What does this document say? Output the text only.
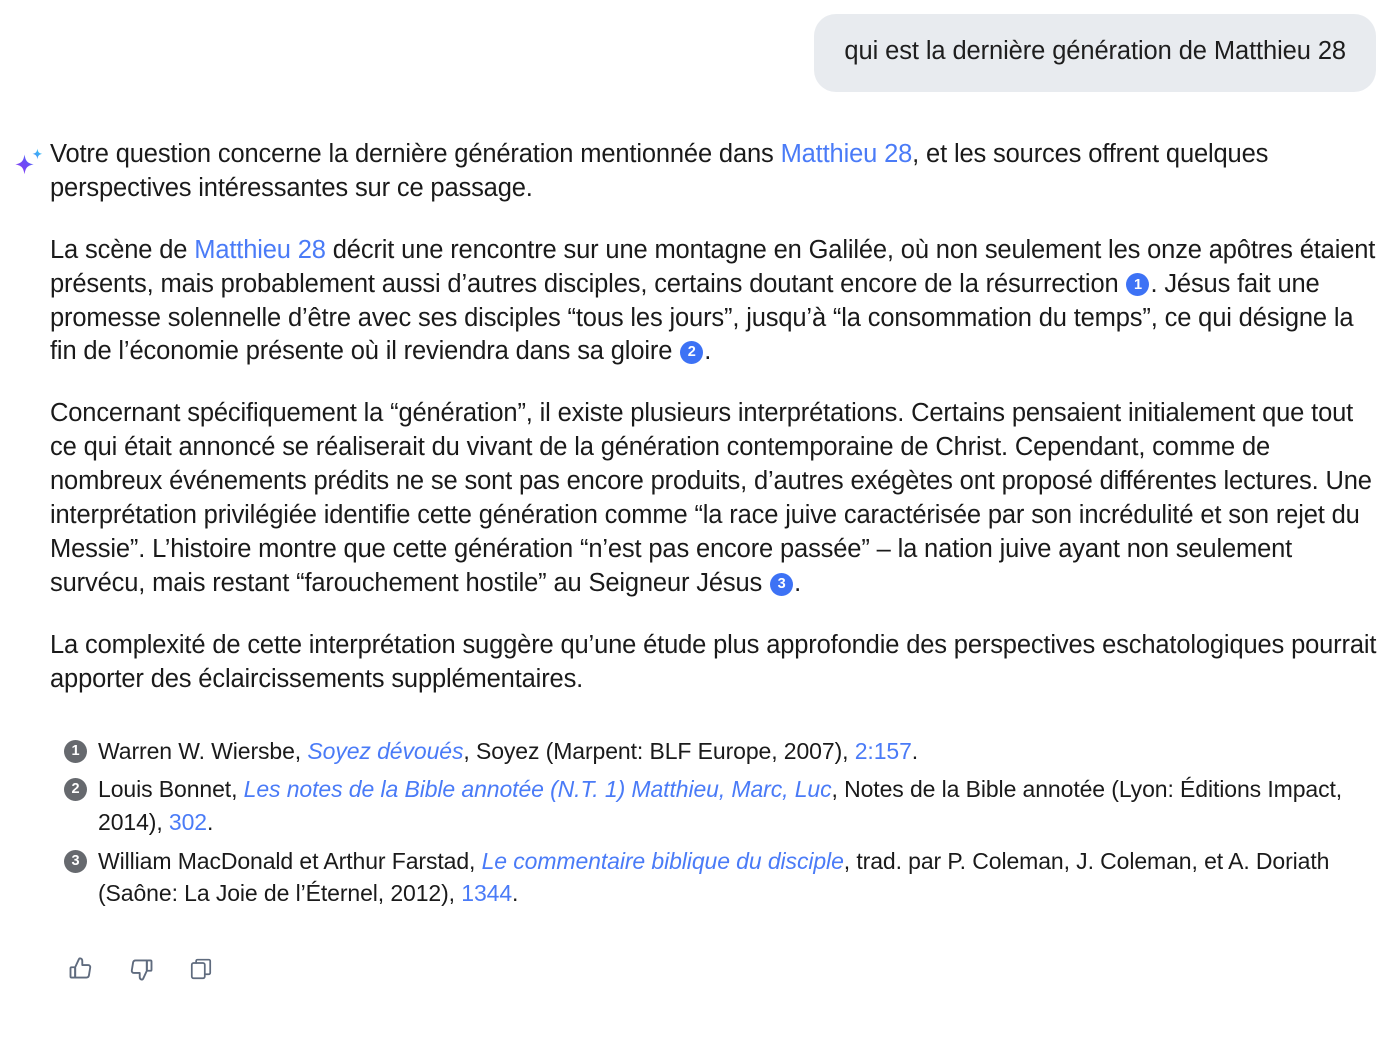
qui est la dernière génération de Matthieu 28

Votre question concerne la dernière génération mentionnée dans Matthieu 28, et les sources offrent quelques perspectives intéressantes sur ce passage.

La scène de Matthieu 28 décrit une rencontre sur une montagne en Galilée, où non seulement les onze apôtres étaient présents, mais probablement aussi d’autres disciples, certains doutant encore de la résurrection 1 . Jésus fait une promesse solennelle d’être avec ses disciples “tous les jours”, jusqu’à “la consommation du temps”, ce qui désigne la fin de l’économie présente où il reviendra dans sa gloire 2 .

Concernant spécifiquement la “génération”, il existe plusieurs interprétations. Certains pensaient initialement que tout ce qui était annoncé se réaliserait du vivant de la génération contemporaine de Christ. Cependant, comme de nombreux événements prédits ne se sont pas encore produits, d’autres exégètes ont proposé différentes lectures. Une interprétation privilégiée identifie cette génération comme “la race juive caractérisée par son incrédulité et son rejet du Messie”. L’histoire montre que cette génération “n’est pas encore passée” – la nation juive ayant non seulement survécu, mais restant “farouchement hostile” au Seigneur Jésus 3 .

La complexité de cette interprétation suggère qu’une étude plus approfondie des perspectives eschatologiques pourrait apporter des éclaircissements supplémentaires.

1 Warren W. Wiersbe, Soyez dévoués, Soyez (Marpent: BLF Europe, 2007), 2:157.
2 Louis Bonnet, Les notes de la Bible annotée (N.T. 1) Matthieu, Marc, Luc, Notes de la Bible annotée (Lyon: Éditions Impact, 2014), 302.
3 William MacDonald et Arthur Farstad, Le commentaire biblique du disciple, trad. par P. Coleman, J. Coleman, et A. Doriath (Saône: La Joie de l’Éternel, 2012), 1344.
